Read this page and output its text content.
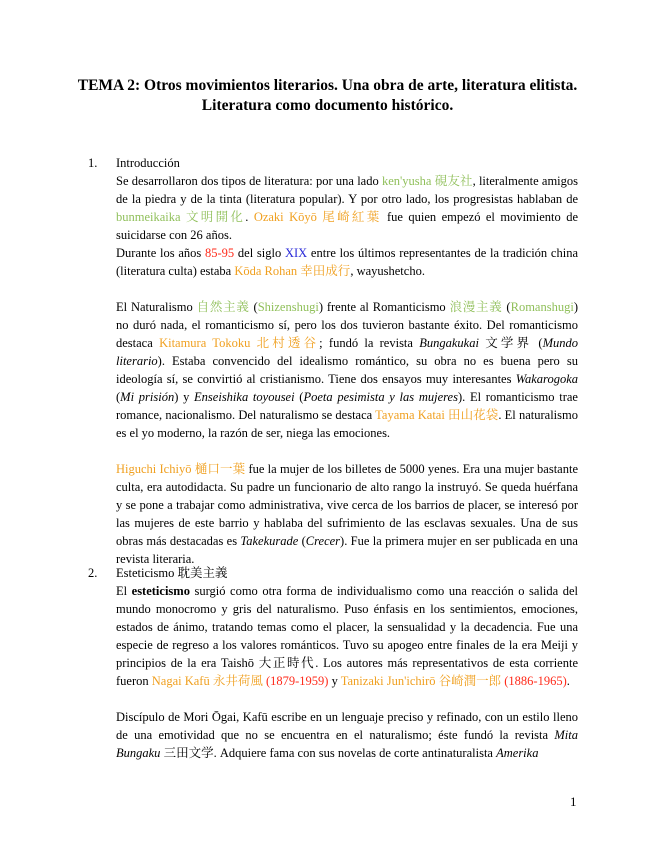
TEMA 2: Otros movimientos literarios. Una obra de arte, literatura elitista.
Literatura como documento histórico.
1.	Introducción
Se desarrollaron dos tipos de literatura: por una lado ken'yusha 硯友社, literalmente amigos de la piedra y de la tinta (literatura popular). Y por otro lado, los progresistas hablaban de bunmeikaika 文明開化. Ozaki Kōyō 尾崎紅葉 fue quien empezó el movimiento de suicidarse con 26 años.
Durante los años 85-95 del siglo XIX entre los últimos representantes de la tradición china (literatura culta) estaba Kōda Rohan 幸田成行, wayushetcho.
El Naturalismo 自然主義 (Shizenshugi) frente al Romanticismo 浪漫主義 (Romanshugi) no duró nada, el romanticismo sí, pero los dos tuvieron bastante éxito. Del romanticismo destaca Kitamura Tokoku 北村透谷; fundó la revista Bungakukai 文学界 (Mundo literario). Estaba convencido del idealismo romántico, su obra no es buena pero su ideología sí, se convirtió al cristianismo. Tiene dos ensayos muy interesantes Wakarogoka (Mi prisión) y Enseishika toyousei (Poeta pesimista y las mujeres). El romanticismo trae romance, nacionalismo. Del naturalismo se destaca Tayama Katai 田山花袋. El naturalismo es el yo moderno, la razón de ser, niega las emociones.
Higuchi Ichiyō 樋口一葉 fue la mujer de los billetes de 5000 yenes. Era una mujer bastante culta, era autodidacta. Su padre un funcionario de alto rango la instruyó. Se queda huérfana y se pone a trabajar como administrativa, vive cerca de los barrios de placer, se interesó por las mujeres de este barrio y hablaba del sufrimiento de las esclavas sexuales. Una de sus obras más destacadas es Takekurade (Crecer). Fue la primera mujer en ser publicada en una revista literaria.
2.	Esteticismo 耽美主義
El esteticismo surgió como otra forma de individualismo como una reacción o salida del mundo monocromo y gris del naturalismo. Puso énfasis en los sentimientos, emociones, estados de ánimo, tratando temas como el placer, la sensualidad y la decadencia. Fue una especie de regreso a los valores románticos. Tuvo su apogeo entre finales de la era Meiji y principios de la era Taishō 大正時代. Los autores más representativos de esta corriente fueron Nagai Kafū 永井荷風 (1879-1959) y Tanizaki Jun'ichirō 谷崎潤一郎 (1886-1965).
Discípulo de Mori Ōgai, Kafū escribe en un lenguaje preciso y refinado, con un estilo lleno de una emotividad que no se encuentra en el naturalismo; éste fundó la revista Mita Bungaku 三田文学. Adquiere fama con sus novelas de corte antinaturalista Amerika
1
